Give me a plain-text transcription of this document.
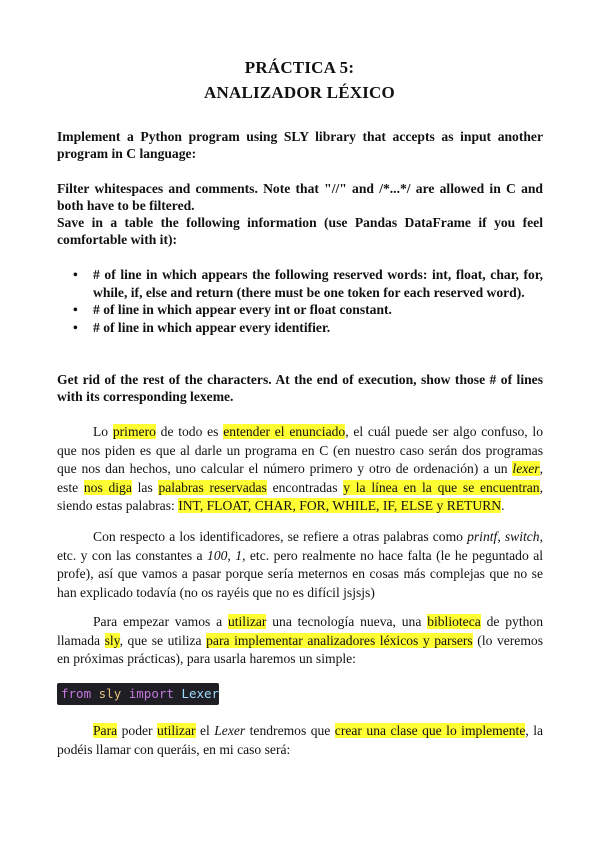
PRÁCTICA 5:
ANALIZADOR LÉXICO
Implement a Python program using SLY library that accepts as input another program in C language:
Filter whitespaces and comments. Note that "//" and /*...*/ are allowed in C and both have to be filtered.
Save in a table the following information (use Pandas DataFrame if you feel comfortable with it):
• # of line in which appears the following reserved words: int, float, char, for, while, if, else and return (there must be one token for each reserved word).
• # of line in which appear every int or float constant.
• # of line in which appear every identifier.
Get rid of the rest of the characters. At the end of execution, show those # of lines with its corresponding lexeme.
Lo primero de todo es entender el enunciado, el cuál puede ser algo confuso, lo que nos piden es que al darle un programa en C (en nuestro caso serán dos programas que nos dan hechos, uno calcular el número primero y otro de ordenación) a un lexer, este nos diga las palabras reservadas encontradas y la línea en la que se encuentran, siendo estas palabras: INT, FLOAT, CHAR, FOR, WHILE, IF, ELSE y RETURN.
Con respecto a los identificadores, se refiere a otras palabras como printf, switch, etc. y con las constantes a 100, 1, etc. pero realmente no hace falta (le he peguntado al profe), así que vamos a pasar porque sería meternos en cosas más complejas que no se han explicado todavía (no os rayéis que no es difícil jsjsjs)
Para empezar vamos a utilizar una tecnología nueva, una biblioteca de python llamada sly, que se utiliza para implementar analizadores léxicos y parsers (lo veremos en próximas prácticas), para usarla haremos un simple:
from sly import Lexer
Para poder utilizar el Lexer tendremos que crear una clase que lo implemente, la podéis llamar con queráis, en mi caso será:
